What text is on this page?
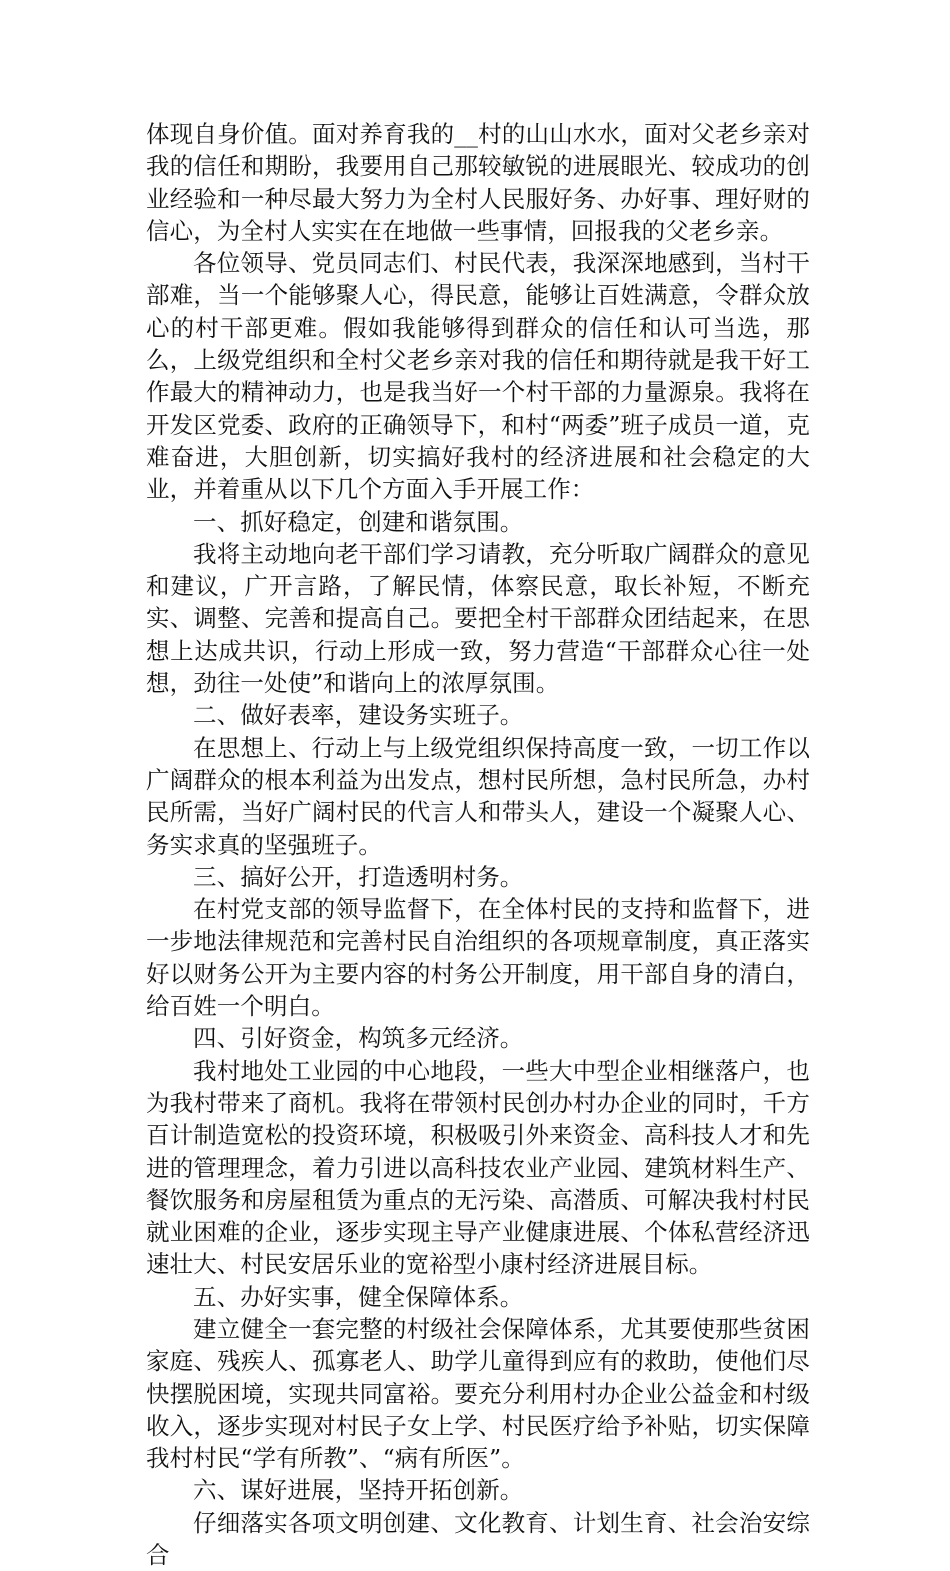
体现自身价值。面对养育我的__村的山山水水，面对父老乡亲对我的信任和期盼，我要用自己那较敏锐的进展眼光、较成功的创业经验和一种尽最大努力为全村人民服好务、办好事、理好财的信心，为全村人实实在在地做一些事情，回报我的父老乡亲。

各位领导、党员同志们、村民代表，我深深地感到，当村干部难，当一个能够聚人心，得民意，能够让百姓满意，令群众放心的村干部更难。假如我能够得到群众的信任和认可当选，那么，上级党组织和全村父老乡亲对我的信任和期待就是我干好工作最大的精神动力，也是我当好一个村干部的力量源泉。我将在开发区党委、政府的正确领导下，和村“两委”班子成员一道，克难奋进，大胆创新，切实搞好我村的经济进展和社会稳定的大业，并着重从以下几个方面入手开展工作：

一、抓好稳定，创建和谐氛围。

我将主动地向老干部们学习请教，充分听取广阔群众的意见和建议，广开言路，了解民情，体察民意，取长补短，不断充实、调整、完善和提高自己。要把全村干部群众团结起来，在思想上达成共识，行动上形成一致，努力营造“干部群众心往一处想，劲往一处使”和谐向上的浓厚氛围。

二、做好表率，建设务实班子。

在思想上、行动上与上级党组织保持高度一致，一切工作以广阔群众的根本利益为出发点，想村民所想，急村民所急，办村民所需，当好广阔村民的代言人和带头人，建设一个凝聚人心、务实求真的坚强班子。

三、搞好公开，打造透明村务。

在村党支部的领导监督下，在全体村民的支持和监督下，进一步地法律规范和完善村民自治组织的各项规章制度，真正落实好以财务公开为主要内容的村务公开制度，用干部自身的清白，给百姓一个明白。

四、引好资金，构筑多元经济。

我村地处工业园的中心地段，一些大中型企业相继落户，也为我村带来了商机。我将在带领村民创办村办企业的同时，千方百计制造宽松的投资环境，积极吸引外来资金、高科技人才和先进的管理理念，着力引进以高科技农业产业园、建筑材料生产、餐饮服务和房屋租赁为重点的无污染、高潜质、可解决我村村民就业困难的企业，逐步实现主导产业健康进展、个体私营经济迅速壮大、村民安居乐业的宽裕型小康村经济进展目标。

五、办好实事，健全保障体系。

建立健全一套完整的村级社会保障体系，尤其要使那些贫困家庭、残疾人、孤寡老人、助学儿童得到应有的救助，使他们尽快摆脱困境，实现共同富裕。要充分利用村办企业公益金和村级收入，逐步实现对村民子女上学、村民医疗给予补贴，切实保障我村村民“学有所教”、“病有所医”。

六、谋好进展，坚持开拓创新。

仔细落实各项文明创建、文化教育、计划生育、社会治安综合
